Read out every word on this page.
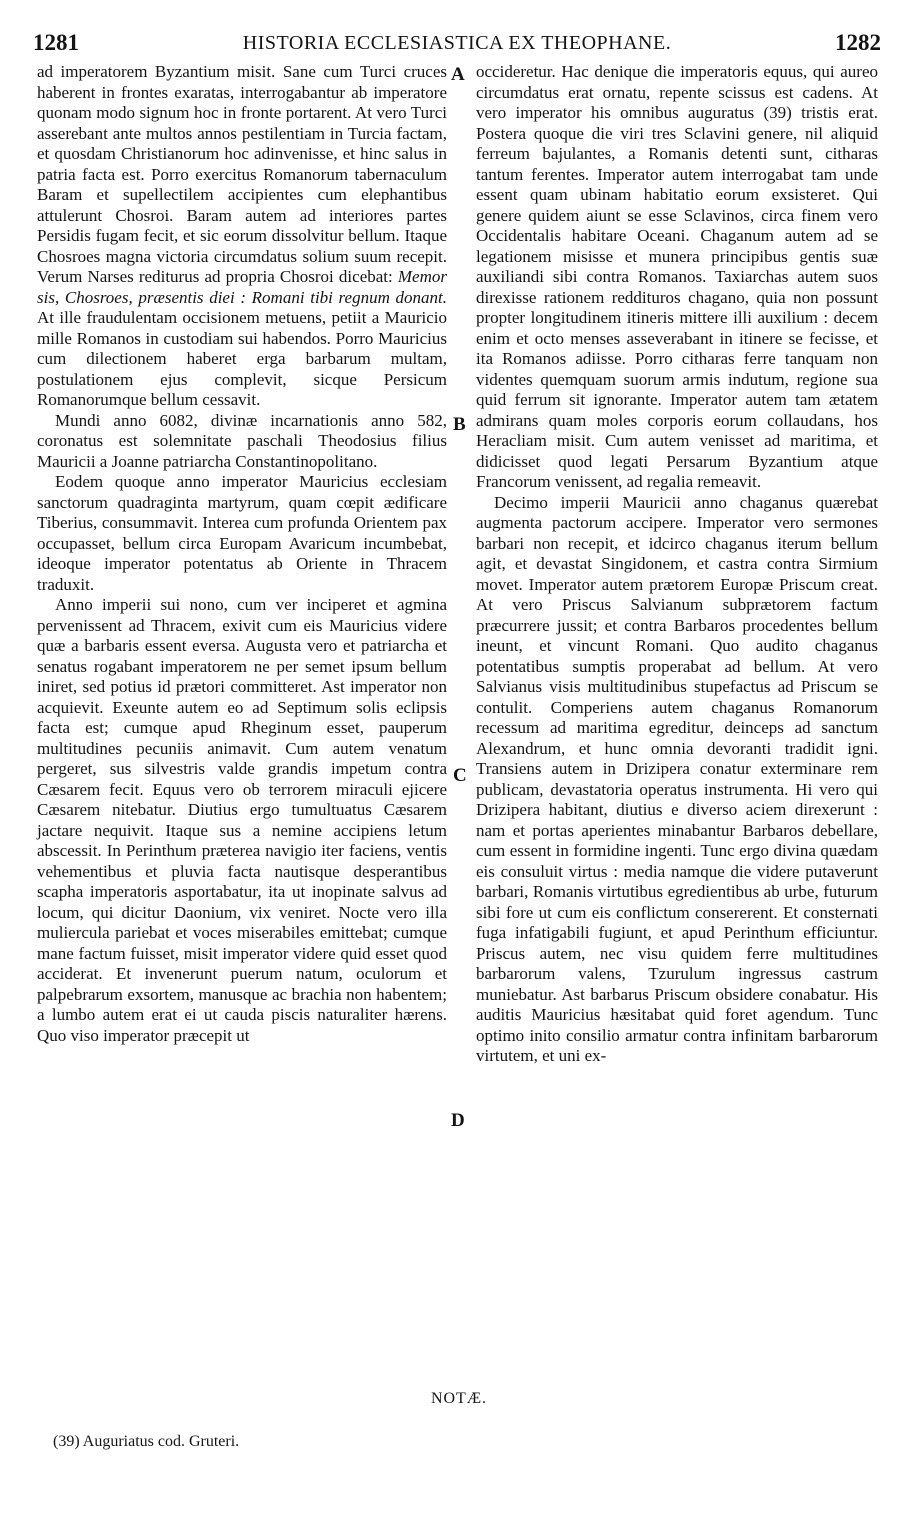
1281	HISTORIA ECCLESIASTICA EX THEOPHANE.	1282
A
B
C
D

ad imperatorem Byzantium misit. Sane cum Turci cruces haberent in frontes exaratas, interrogabantur ab imperatore quonam modo signum hoc in fronte portarent. At vero Turci asserebant ante multos annos pestilentiam in Turcia factam, et quosdam Christianorum hoc adinvenisse, et hinc salus in patria facta est. Porro exercitus Romanorum tabernaculum Baram et supellectilem accipientes cum elephantibus attulerunt Chosroi. Baram autem ad interiores partes Persidis fugam fecit, et sic eorum dissolvitur bellum. Itaque Chosroes magna victoria circumdatus solium suum recepit. Verum Narses rediturus ad propria Chosroi dicebat: Memor sis, Chosroes, præsentis diei : Romani tibi regnum donant. At ille fraudulentam occisionem metuens, petiit a Mauricio mille Romanos in custodiam sui habendos. Porro Mauricius cum dilectionem haberet erga barbarum multam, postulationem ejus complevit, sicque Persicum Romanorumque bellum cessavit.

Mundi anno 6082, divinæ incarnationis anno 582, coronatus est solemnitate paschali Theodosius filius Mauricii a Joanne patriarcha Constantinopolitano.

Eodem quoque anno imperator Mauricius ecclesiam sanctorum quadraginta martyrum, quam cœpit ædificare Tiberius, consummavit. Interea cum profunda Orientem pax occupasset, bellum circa Europam Avaricum incumbebat, ideoque imperator potentatus ab Oriente in Thracem traduxit.

Anno imperii sui nono, cum ver inciperet et agmina pervenissent ad Thracem, exivit cum eis Mauricius videre quæ a barbaris essent eversa. Augusta vero et patriarcha et senatus rogabant imperatorem ne per semet ipsum bellum iniret, sed potius id prætori committeret. Ast imperator non acquievit. Exeunte autem eo ad Septimum solis eclipsis facta est; cumque apud Rheginum esset, pauperum multitudines pecuniis animavit. Cum autem venatum pergeret, sus silvestris valde grandis impetum contra Cæsarem fecit. Equus vero ob terrorem miraculi ejicere Cæsarem nitebatur. Diutius ergo tumultuatus Cæsarem jactare nequivit. Itaque sus a nemine accipiens letum abscessit. In Perinthum præterea navigio iter faciens, ventis vehementibus et pluvia facta nautisque desperantibus scapha imperatoris asportabatur, ita ut inopinate salvus ad locum, qui dicitur Daonium, vix veniret. Nocte vero illa muliercula pariebat et voces miserabiles emittebat; cumque mane factum fuisset, misit imperator videre quid esset quod acciderat. Et invenerunt puerum natum, oculorum et palpebrarum exsortem, manusque ac brachia non habentem; a lumbo autem erat ei ut cauda piscis naturaliter hærens. Quo viso imperator præcepit ut

occideretur. Hac denique die imperatoris equus, qui aureo circumdatus erat ornatu, repente scissus est cadens. At vero imperator his omnibus auguratus (39) tristis erat. Postera quoque die viri tres Sclavini genere, nil aliquid ferreum bajulantes, a Romanis detenti sunt, citharas tantum ferentes. Imperator autem interrogabat tam unde essent quam ubinam habitatio eorum exsisteret. Qui genere quidem aiunt se esse Sclavinos, circa finem vero Occidentalis habitare Oceani. Chaganum autem ad se legationem misisse et munera principibus gentis suæ auxiliandi sibi contra Romanos. Taxiarchas autem suos direxisse rationem reddituros chagano, quia non possunt propter longitudinem itineris mittere illi auxilium : decem enim et octo menses asseverabant in itinere se fecisse, et ita Romanos adiisse. Porro citharas ferre tanquam non videntes quemquam suorum armis indutum, regione sua quid ferrum sit ignorante. Imperator autem tam ætatem admirans quam moles corporis eorum collaudans, hos Heracliam misit. Cum autem venisset ad maritima, et didicisset quod legati Persarum Byzantium atque Francorum venissent, ad regalia remeavit.

Decimo imperii Mauricii anno chaganus quærebat augmenta pactorum accipere. Imperator vero sermones barbari non recepit, et idcirco chaganus iterum bellum agit, et devastat Singidonem, et castra contra Sirmium movet. Imperator autem prætorem Europæ Priscum creat. At vero Priscus Salvianum subprætorem factum præcurrere jussit; et contra Barbaros procedentes bellum ineunt, et vincunt Romani. Quo audito chaganus potentatibus sumptis properabat ad bellum. At vero Salvianus visis multitudinibus stupefactus ad Priscum se contulit. Comperiens autem chaganus Romanorum recessum ad maritima egreditur, deinceps ad sanctum Alexandrum, et hunc omnia devoranti tradidit igni. Transiens autem in Drizipera conatur exterminare rem publicam, devastatoria operatus instrumenta. Hi vero qui Drizipera habitant, diutius e diverso aciem direxerunt : nam et portas aperientes minabantur Barbaros debellare, cum essent in formidine ingenti. Tunc ergo divina quædam eis consuluit virtus : media namque die videre putaverunt barbari, Romanis virtutibus egredientibus ab urbe, futurum sibi fore ut cum eis conflictum consererent. Et consternati fuga infatigabili fugiunt, et apud Perinthum efficiuntur. Priscus autem, nec visu quidem ferre multitudines barbarorum valens, Tzurulum ingressus castrum muniebatur. Ast barbarus Priscum obsidere conabatur. His auditis Mauricius hæsitabat quid foret agendum. Tunc optimo inito consilio armatur contra infinitam barbarorum virtutem, et uni ex-

NOTÆ.
(39) Auguriatus cod. Gruteri.
